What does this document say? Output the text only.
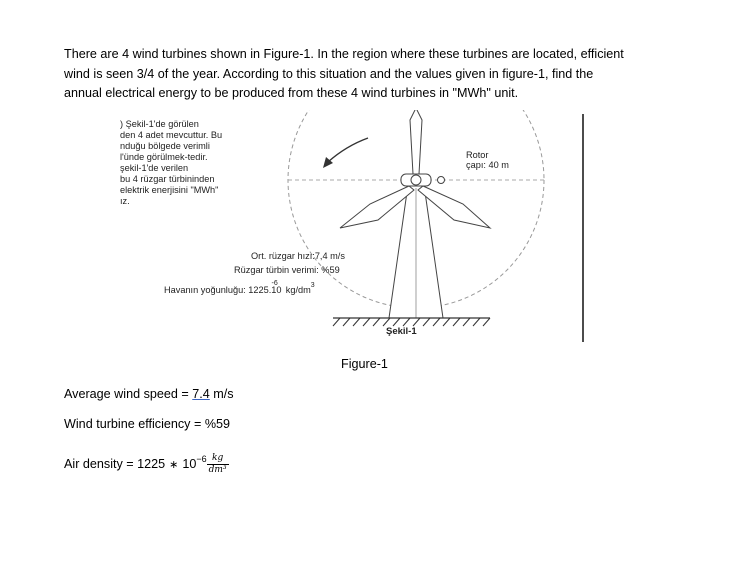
There are 4 wind turbines shown in Figure-1. In the region where these turbines are located, efficient
wind is seen 3/4 of the year. According to this situation and the values given in figure-1, find the
annual electrical energy to be produced from these 4 wind turbines in "MWh" unit.
) Şekil-1'de görülen
den 4 adet mevcuttur. Bu
nduğu bölgede verimli
l'ünde görülmek-tedir.
şekil-1'de verilen
bu 4 rüzgar türbininden
elektrik enerjisini "MWh"
ız.
Rotor
çapı: 40 m
Ort. rüzgar hızı:7,4 m/s
Rüzgar türbin verimi: %59
Havanın yoğunluğu: $1225.10-6kg/dm^3$
Şekil-1
Figure-1
Average wind speed = 7.4 m/s
Wind turbine efficiency = %59
Air density = 1225 ∗ $10^{-6} \frac{kg}{\text{dm³}}$
